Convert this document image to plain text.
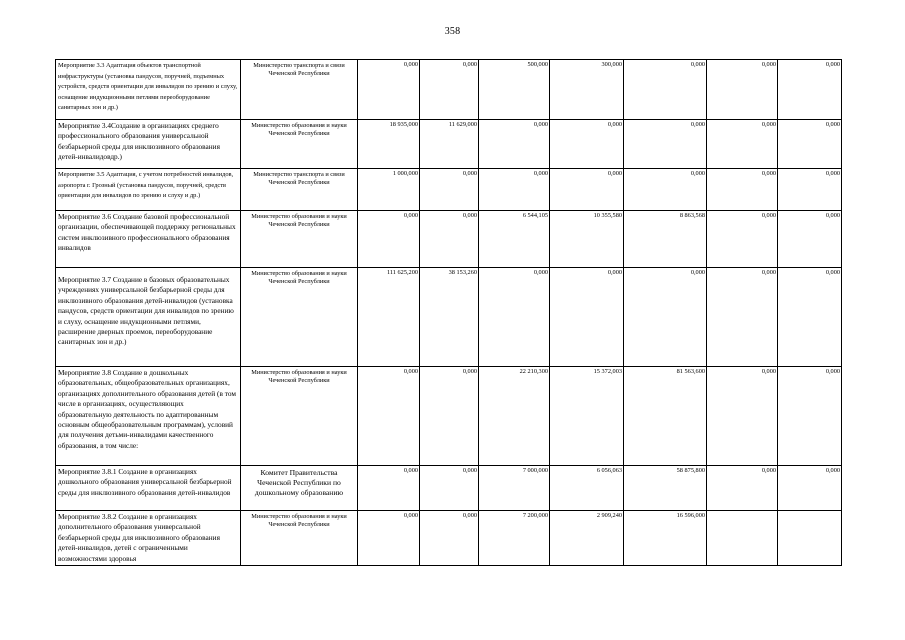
358
Мероприятие 3.3 Адаптация объектов транспортной инфраструктуры (установка пандусов, поручней, подъемных устройств, средств ориентации для инвалидов по зрению и слуху, оснащение индукционными петлями переоборудование санитарных зон и др.)	Министерство транспорта и связи Чеченской Республики	0,000	0,000	500,000	300,000	0,000	0,000	0,000
Мероприятие 3.4Создание в организациях среднего профессионального образования универсальной безбарьерной среды для инклюзивного образования детей-инвалидовдр.)	Министерство образования и науки Чеченской Республики	18 935,000	11 629,000	0,000	0,000	0,000	0,000	0,000
Мероприятие 3.5 Адаптация, с учетом потребностей инвалидов, аэропорта г. Грозный (установка пандусов, поручней, средств ориентации для инвалидов по зрению и слуху и др.)	Министерство транспорта и связи Чеченской Республики	1 000,000	0,000	0,000	0,000	0,000	0,000	0,000
Мероприятие 3.6 Создание базовой профессиональной организации, обеспечивающей поддержку региональных систем инклюзивного профессионального образования инвалидов	Министерство образования и науки Чеченской Республики	0,000	0,000	6 544,105	10 355,580	8 863,568	0,000	0,000
Мероприятие 3.7 Создание в базовых образовательных учреждениях универсальной безбарьерной среды для инклюзивного образования детей-инвалидов (установка пандусов, средств ориентации для инвалидов по зрению и слуху, оснащение индукционными петлями, расширение дверных проемов, переоборудование санитарных зон и др.)	Министерство образования и науки Чеченской Республики	111 625,200	38 153,260	0,000	0,000	0,000	0,000	0,000
Мероприятие 3.8 Создание в дошкольных образовательных, общеобразовательных организациях, организациях дополнительного образования детей (в том числе в организациях, осуществляющих образовательную деятельность по адаптированным основным общеобразовательным программам), условий для получения детьми-инвалидами качественного образования, в том числе:	Министерство образования и науки Чеченской Республики	0,000	0,000	22 210,300	15 372,003	81 563,600	0,000	0,000
Мероприятие 3.8.1 Создание в организациях дошкольного образования универсальной безбарьерной среды для инклюзивного образования детей-инвалидов	Комитет Правительства Чеченской Республики по дошкольному образованию	0,000	0,000	7 000,000	6 056,063	58 875,800	0,000	0,000
Мероприятие 3.8.2 Создание в организациях дополнительного образования универсальной безбарьерной среды для инклюзивного образования детей-инвалидов, детей с ограниченными возможностями здоровья	Министерство образования и науки Чеченской Республики	0,000	0,000	7 200,000	2 909,240	16 596,000		
